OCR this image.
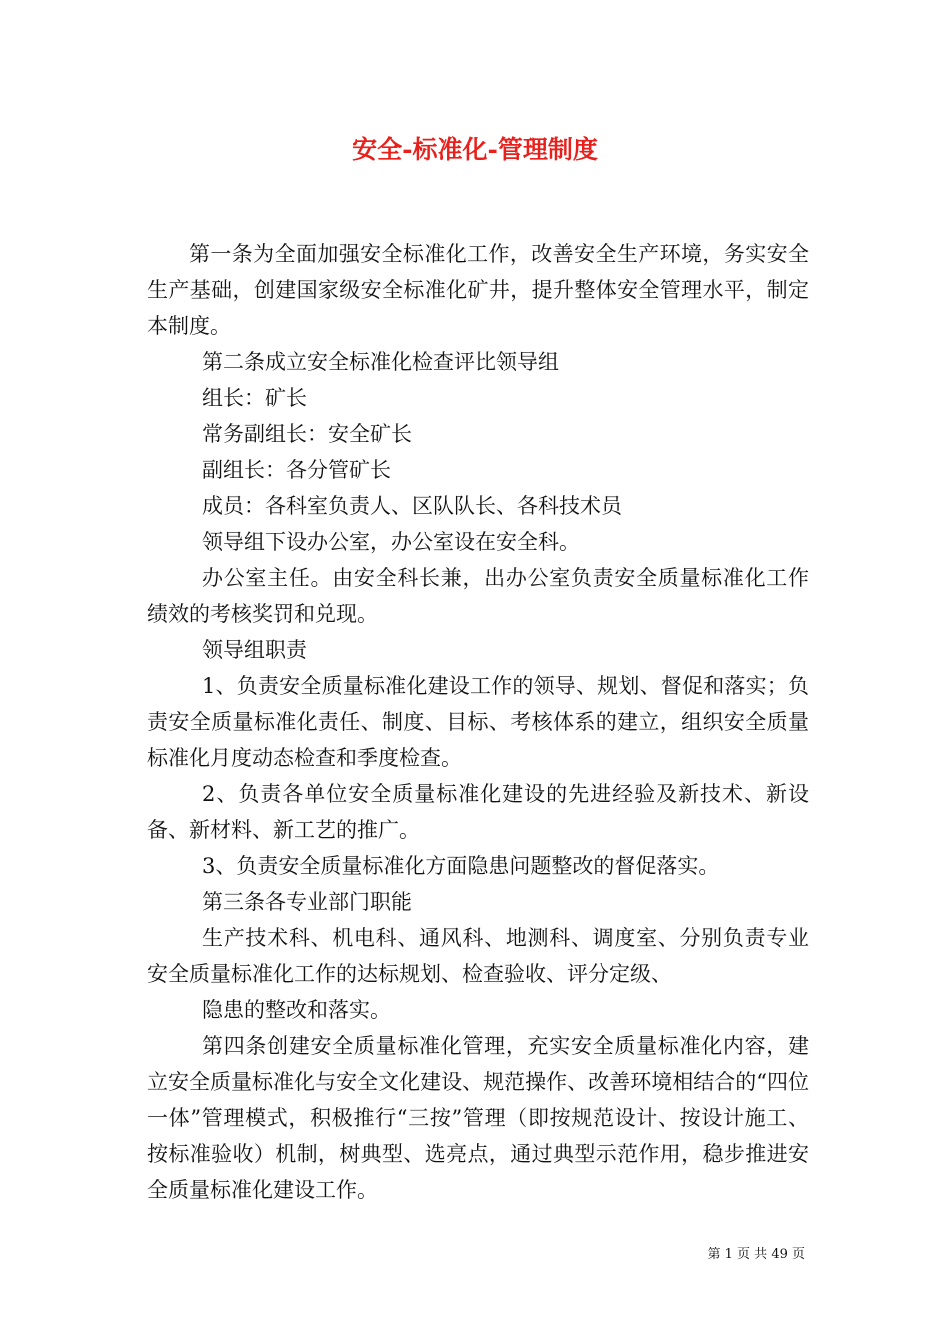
安全-标准化-管理制度

第一条为全面加强安全标准化工作，改善安全生产环境，务实安全生产基础，创建国家级安全标准化矿井，提升整体安全管理水平，制定本制度。

第二条成立安全标准化检查评比领导组

组长：矿长

常务副组长：安全矿长

副组长：各分管矿长

成员：各科室负责人、区队队长、各科技术员

领导组下设办公室，办公室设在安全科。

办公室主任。由安全科长兼，出办公室负责安全质量标准化工作绩效的考核奖罚和兑现。

领导组职责

1、负责安全质量标准化建设工作的领导、规划、督促和落实；负责安全质量标准化责任、制度、目标、考核体系的建立，组织安全质量标准化月度动态检查和季度检查。

2、负责各单位安全质量标准化建设的先进经验及新技术、新设备、新材料、新工艺的推广。

3、负责安全质量标准化方面隐患问题整改的督促落实。

第三条各专业部门职能

生产技术科、机电科、通风科、地测科、调度室、分别负责专业安全质量标准化工作的达标规划、检查验收、评分定级、

隐患的整改和落实。

第四条创建安全质量标准化管理，充实安全质量标准化内容，建立安全质量标准化与安全文化建设、规范操作、改善环境相结合的“四位一体”管理模式，积极推行“三按”管理（即按规范设计、按设计施工、按标准验收）机制，树典型、选亮点，通过典型示范作用，稳步推进安全质量标准化建设工作。

第 1 页 共 49 页
